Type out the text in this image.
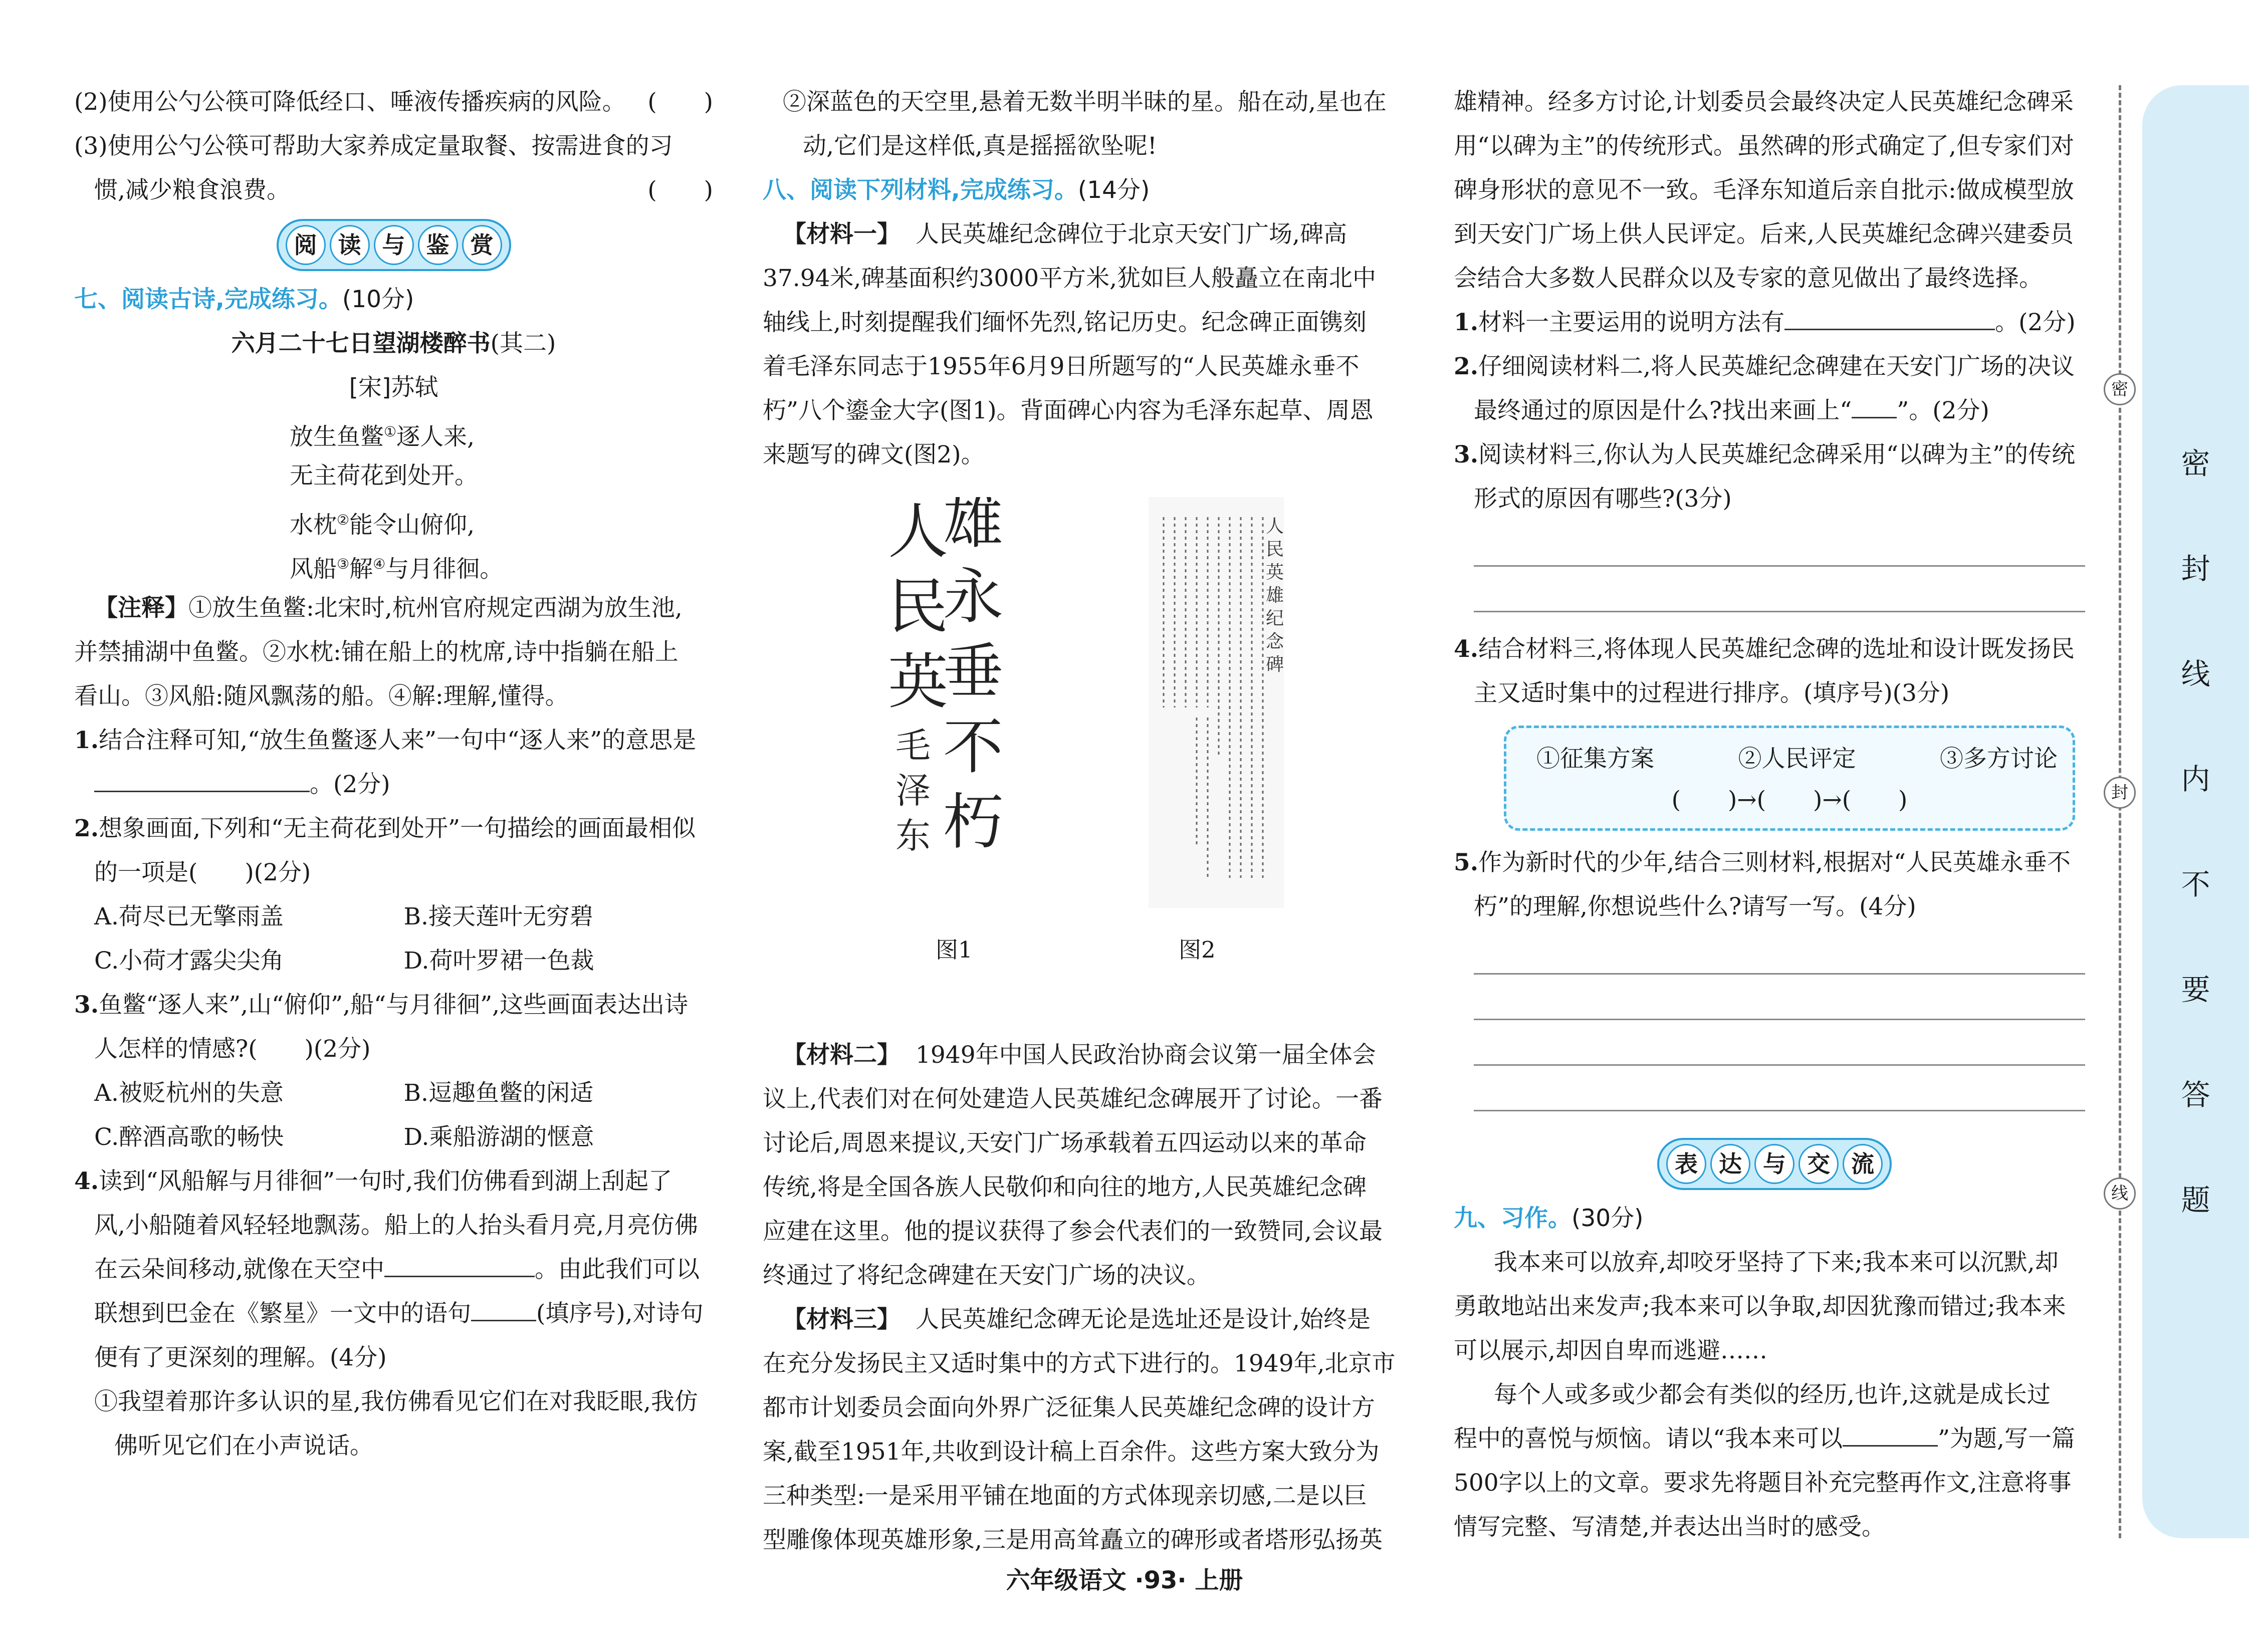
(2)使用公勺公筷可降低经口、唾液传播疾病的风险。 (　　)
(3)使用公勺公筷可帮助大家养成定量取餐、按需进食的习
惯,减少粮食浪费。	(　　)
阅 读 与 鉴 赏
七、阅读古诗,完成练习。(10分)
六月二十七日望湖楼醉书(其二)
[宋]苏轼
放生鱼鳖①逐人来,
无主荷花到处开。
水枕②能令山俯仰,
风船③解④与月徘徊。
【注释】①放生鱼鳖:北宋时,杭州官府规定西湖为放生池,
并禁捕湖中鱼鳖。②水枕:铺在船上的枕席,诗中指躺在船上
看山。③风船:随风飘荡的船。④解:理解,懂得。
1.结合注释可知,“放生鱼鳖逐人来”一句中“逐人来”的意思是
。(2分)
2.想象画面,下列和“无主荷花到处开”一句描绘的画面最相似
的一项是(　　)(2分)
A.荷尽已无擎雨盖	B.接天莲叶无穷碧
C.小荷才露尖尖角	D.荷叶罗裙一色裁
3.鱼鳖“逐人来”,山“俯仰”,船“与月徘徊”,这些画面表达出诗
人怎样的情感?(　　)(2分)
A.被贬杭州的失意	B.逗趣鱼鳖的闲适
C.醉酒高歌的畅快	D.乘船游湖的惬意
4.读到“风船解与月徘徊”一句时,我们仿佛看到湖上刮起了
风,小船随着风轻轻地飘荡。船上的人抬头看月亮,月亮仿佛
在云朵间移动,就像在天空中	。由此我们可以
联想到巴金在《繁星》一文中的语句	(填序号),对诗句
便有了更深刻的理解。(4分)
①我望着那许多认识的星,我仿佛看见它们在对我眨眼,我仿
佛听见它们在小声说话。
②深蓝色的天空里,悬着无数半明半昧的星。船在动,星也在
动,它们是这样低,真是摇摇欲坠呢!
八、阅读下列材料,完成练习。(14分)
【材料一】 人民英雄纪念碑位于北京天安门广场,碑高
37.94米,碑基面积约3000平方米,犹如巨人般矗立在南北中
轴线上,时刻提醒我们缅怀先烈,铭记历史。纪念碑正面镌刻
着毛泽东同志于1955年6月9日所题写的“人民英雄永垂不
朽”八个鎏金大字(图1)。背面碑心内容为毛泽东起草、周恩
来题写的碑文(图2)。
雄
永
垂
不
朽
毛
泽
东
人
民
英
人
民
英
雄
纪
念
碑
图1	图2
【材料二】 1949年中国人民政治协商会议第一届全体会
议上,代表们对在何处建造人民英雄纪念碑展开了讨论。一番
讨论后,周恩来提议,天安门广场承载着五四运动以来的革命
传统,将是全国各族人民敬仰和向往的地方,人民英雄纪念碑
应建在这里。他的提议获得了参会代表们的一致赞同,会议最
终通过了将纪念碑建在天安门广场的决议。
【材料三】 人民英雄纪念碑无论是选址还是设计,始终是
在充分发扬民主又适时集中的方式下进行的。1949年,北京市
都市计划委员会面向外界广泛征集人民英雄纪念碑的设计方
案,截至1951年,共收到设计稿上百余件。这些方案大致分为
三种类型:一是采用平铺在地面的方式体现亲切感,二是以巨
型雕像体现英雄形象,三是用高耸矗立的碑形或者塔形弘扬英
雄精神。经多方讨论,计划委员会最终决定人民英雄纪念碑采
用“以碑为主”的传统形式。虽然碑的形式确定了,但专家们对
碑身形状的意见不一致。毛泽东知道后亲自批示:做成模型放
到天安门广场上供人民评定。后来,人民英雄纪念碑兴建委员
会结合大多数人民群众以及专家的意见做出了最终选择。
1.材料一主要运用的说明方法有	。(2分)
2.仔细阅读材料二,将人民英雄纪念碑建在天安门广场的决议
最终通过的原因是什么?找出来画上“ ”。(2分)
3.阅读材料三,你认为人民英雄纪念碑采用“以碑为主”的传统
形式的原因有哪些?(3分)
4.结合材料三,将体现人民英雄纪念碑的选址和设计既发扬民
主又适时集中的过程进行排序。(填序号)(3分)
①征集方案	②人民评定	③多方讨论
(　　)→(　　)→(　　)
5.作为新时代的少年,结合三则材料,根据对“人民英雄永垂不
朽”的理解,你想说些什么?请写一写。(4分)
表 达 与 交 流
九、习作。(30分)
我本来可以放弃,却咬牙坚持了下来;我本来可以沉默,却
勇敢地站出来发声;我本来可以争取,却因犹豫而错过;我本来
可以展示,却因自卑而逃避……
每个人或多或少都会有类似的经历,也许,这就是成长过
程中的喜悦与烦恼。请以“我本来可以	”为题,写一篇
500字以上的文章。要求先将题目补充完整再作文,注意将事
情写完整、写清楚,并表达出当时的感受。
密
封
线
密
封
线
内
不
要
答
题
六年级语文 ·93· 上册
